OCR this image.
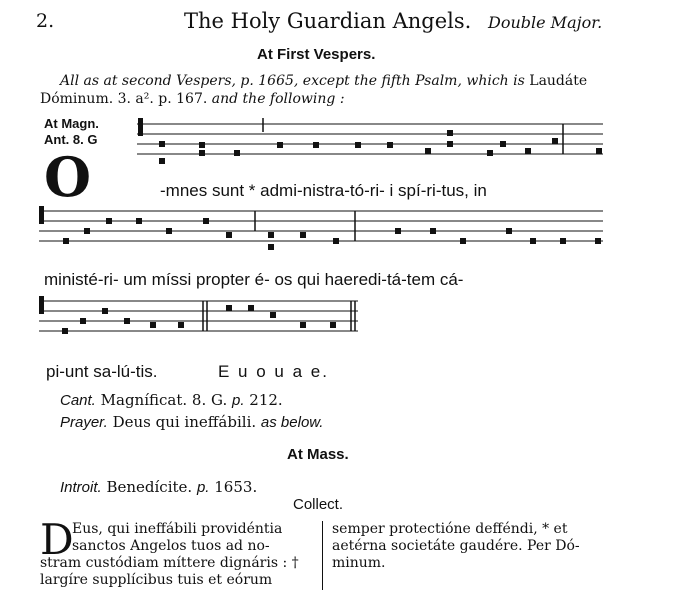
2.	The Holy Guardian Angels. Double Major.
At First Vespers.
All as at second Vespers, p. 1665, except the fifth Psalm, which is Laudáte
Dóminum. 3. a². p. 167. and the following :
At Magn.
Ant. 8. G
O	-mnes sunt * admi-nistra-tó-ri- i spí-ri-tus, in
ministé-ri- um míssi propter é- os qui haeredi-tá-tem cá-
pi-unt sa-lú-tis.	E u o u a e.
Cant. Magníficat. 8. G. p. 212.
Prayer. Deus qui ineffábili. as below.
At Mass.
Introit. Benedícite. p. 1653.
Collect.
D
Eus, qui ineffábili providéntia
sanctos Angelos tuos ad no-
stram custódiam míttere dignáris : †
largíre supplícibus tuis et eórum
semper protectióne defféndi, * et
aetérna societáte gaudére. Per Dó-
minum.
